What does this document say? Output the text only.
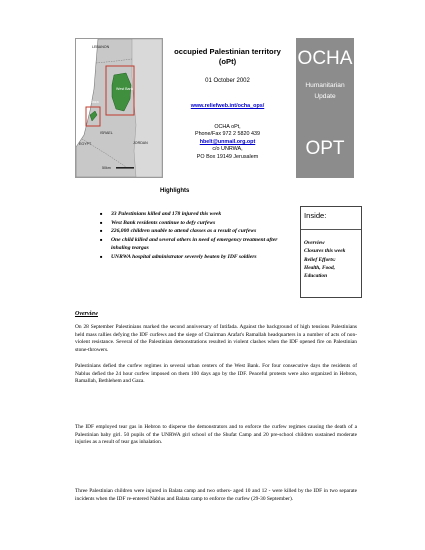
LEBANON
West Bank
Gaza
ISRAEL
EGYPT	JORDAN
50km
occupied Palestinian territory
(oPt)
01 October 2002
www.reliefweb.int/ocha_ops/
OCHA oPt,
Phone/Fax 972 2 5820 439
hbelt@unmail.org.opt
c/o UNRWA,
PO Box 19149 Jerusalem
OCHA
Humanitarian
Update
OPT
Highlights
■ 33 Palestinians killed and 178 injured this week
■ West Bank residents continue to defy curfews
■ 226,000 children unable to attend classes as a result of curfews
■ One child killed and several others in need of emergency treatment after inhaling teargas
■ UNRWA hospital administrator severely beaten by IDF soldiers
Inside:
Overview
Closures this week
Relief Efforts:
Health, Food,
Education
Overview
On 28 September Palestinians marked the second anniversary of Intifada. Against the background of high tensions Palestinians held mass rallies defying the IDF curfews and the siege of Chairman Arafat's Ramallah headquarters in a number of acts of non-violent resistance. Several of the Palestinian demonstrations resulted in violent clashes when the IDF opened fire on Palestinian stone-throwers.
Palestinians defied the curfew regimes in several urban centers of the West Bank. For four consecutive days the residents of Nablus defied the 24 hour curfew imposed on them 100 days ago by the IDF. Peaceful protests were also organized in Hebron, Ramallah, Bethlehem and Gaza.
The IDF employed tear gas in Hebron to disperse the demonstrators and to enforce the curfew regimes causing the death of a Palestinian baby girl. 50 pupils of the UNRWA girl school of the Shufat Camp and 20 pre-school children sustained moderate injuries as a result of tear gas inhalation.
Three Palestinian children were injured in Balata camp and two others- aged 10 and 12 - were killed by the IDF in two separate incidents when the IDF re-entered Nablus and Balata camp to enforce the curfew (29-30 September).
